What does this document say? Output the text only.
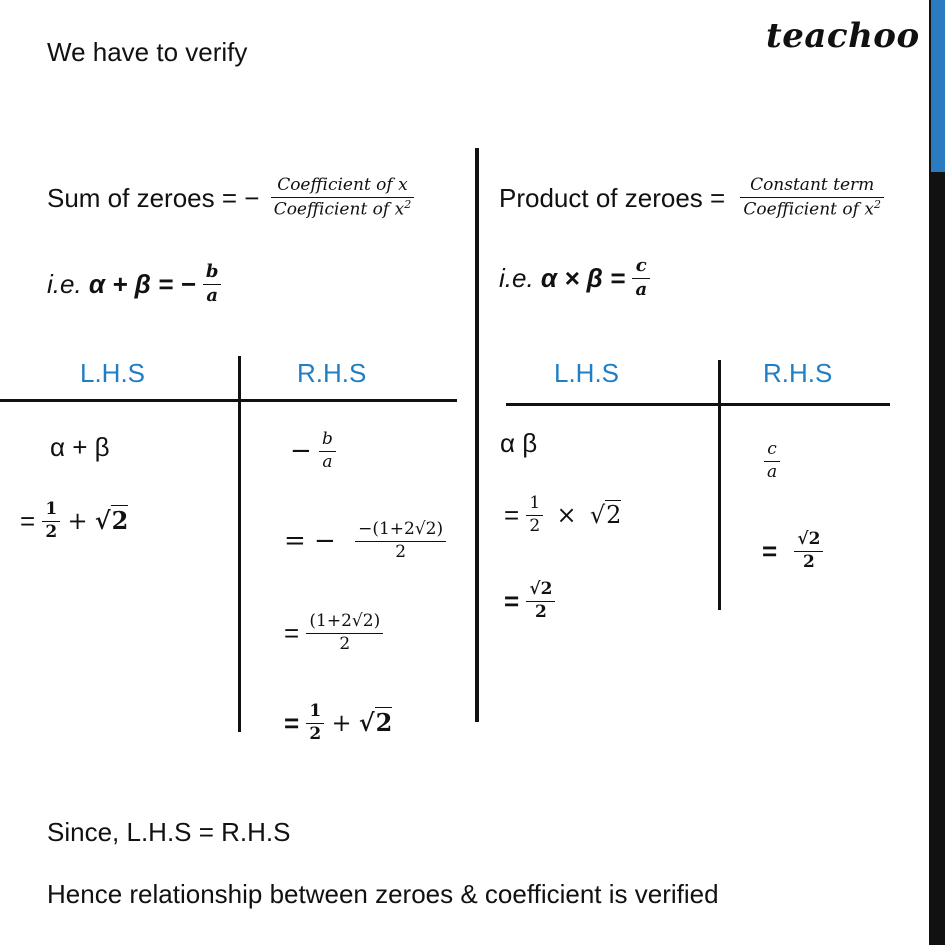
teachoo
We have to verify
Sum of zeroes = − $\frac{\text{Coefficient of x}}{Coefficient of x^2}$
i.e. α + β = − $\frac{b}{a}$
Product of zeroes = $\frac{\text{Constant term}}{Coefficient of x^2}$
i.e. $\alpha \times \beta = \frac{c}{a}$
L.H.S	R.H.S
α + β
= $\frac{1}{2} + √2$
− $\frac{b}{a}$
= − $\frac{-(1+2√2)}{2}$
= $\frac{(1+2√2)}{2}$
= $\frac{1}{2} + √2$
L.H.S	R.H.S
α β
= $\frac{1}{2} \times √2$
= $\frac{√2}{2}$
$\frac{c}{a}$
= $\frac{√2}{2}$
Since, L.H.S = R.H.S
Hence relationship between zeroes & coefficient is verified
